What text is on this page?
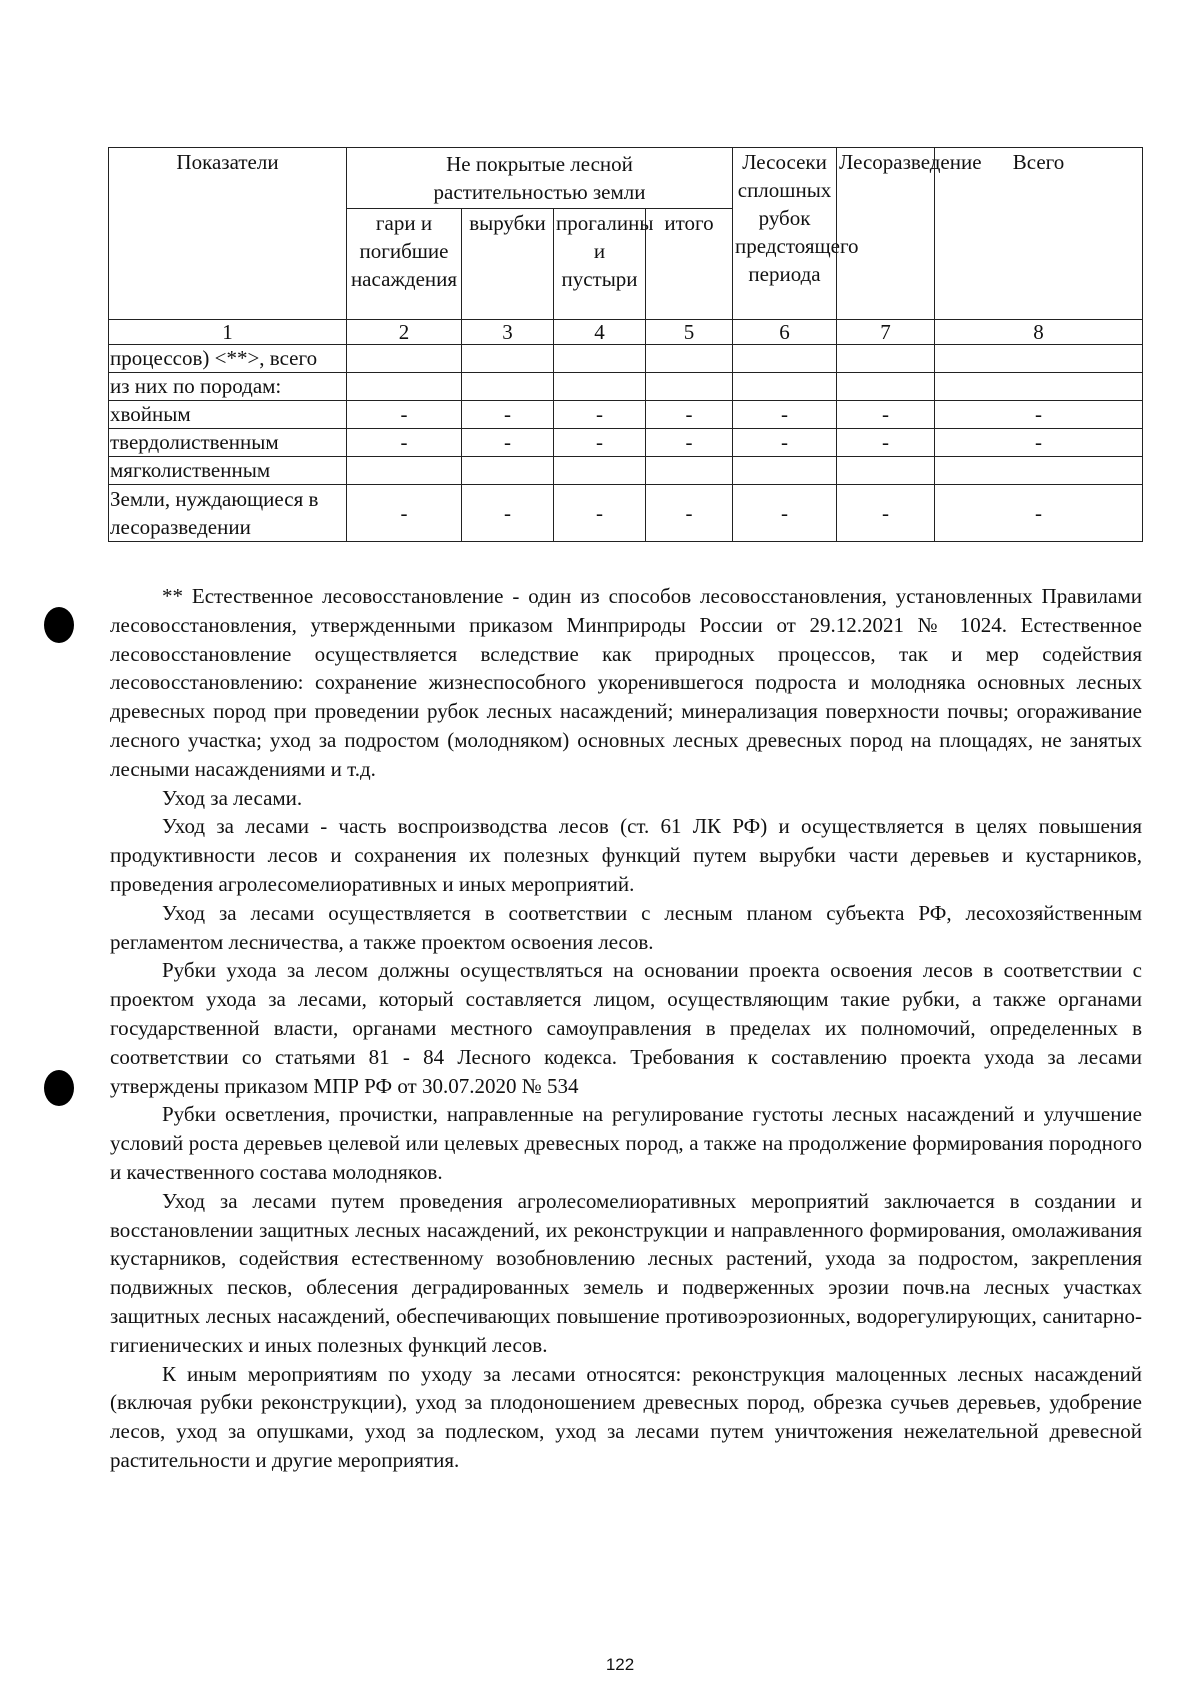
Показатели	Не покрытые лесной растительностью земли				Лесосеки сплошных рубок предстоящего периода	Лесоразведение	Всего
	гари и погибшие насаждения	вырубки	прогалины и пустыри	итого			
1	2	3	4	5	6	7	8
процессов) <**>, всего							
из них по породам:							
хвойным	-	-	-	-	-	-	-
твердолиственным	-	-	-	-	-	-	-
мягколиственным							
Земли, нуждающиеся в лесоразведении	-	-	-	-	-	-	-

** Естественное лесовосстановление - один из способов лесовосстановления, установленных Правилами лесовосстановления, утвержденными приказом Минприроды России от 29.12.2021 № 1024. Естественное лесовосстановление осуществляется вследствие как природных процессов, так и мер содействия лесовосстановлению: сохранение жизнеспособного укоренившегося подроста и молодняка основных лесных древесных пород при проведении рубок лесных насаждений; минерализация поверхности почвы; огораживание лесного участка; уход за подростом (молодняком) основных лесных древесных пород на площадях, не занятых лесными насаждениями и т.д.

Уход за лесами.

Уход за лесами - часть воспроизводства лесов (ст. 61 ЛК РФ) и осуществляется в целях повышения продуктивности лесов и сохранения их полезных функций путем вырубки части деревьев и кустарников, проведения агролесомелиоративных и иных мероприятий.

Уход за лесами осуществляется в соответствии с лесным планом субъекта РФ, лесохозяйственным регламентом лесничества, а также проектом освоения лесов.

Рубки ухода за лесом должны осуществляться на основании проекта освоения лесов в соответствии с проектом ухода за лесами, который составляется лицом, осуществляющим такие рубки, а также органами государственной власти, органами местного самоуправления в пределах их полномочий, определенных в соответствии со статьями 81 - 84 Лесного кодекса. Требования к составлению проекта ухода за лесами утверждены приказом МПР РФ от 30.07.2020 № 534

Рубки осветления, прочистки, направленные на регулирование густоты лесных насаждений и улучшение условий роста деревьев целевой или целевых древесных пород, а также на продолжение формирования породного и качественного состава молодняков.

Уход за лесами путем проведения агролесомелиоративных мероприятий заключается в создании и восстановлении защитных лесных насаждений, их реконструкции и направленного формирования, омолаживания кустарников, содействия естественному возобновлению лесных растений, ухода за подростом, закрепления подвижных песков, облесения деградированных земель и подверженных эрозии почв.на лесных участках защитных лесных насаждений, обеспечивающих повышение противоэрозионных, водорегулирующих, санитарно-гигиенических и иных полезных функций лесов.

К иным мероприятиям по уходу за лесами относятся: реконструкция малоценных лесных насаждений (включая рубки реконструкции), уход за плодоношением древесных пород, обрезка сучьев деревьев, удобрение лесов, уход за опушками, уход за подлеском, уход за лесами путем уничтожения нежелательной древесной растительности и другие мероприятия.

122
